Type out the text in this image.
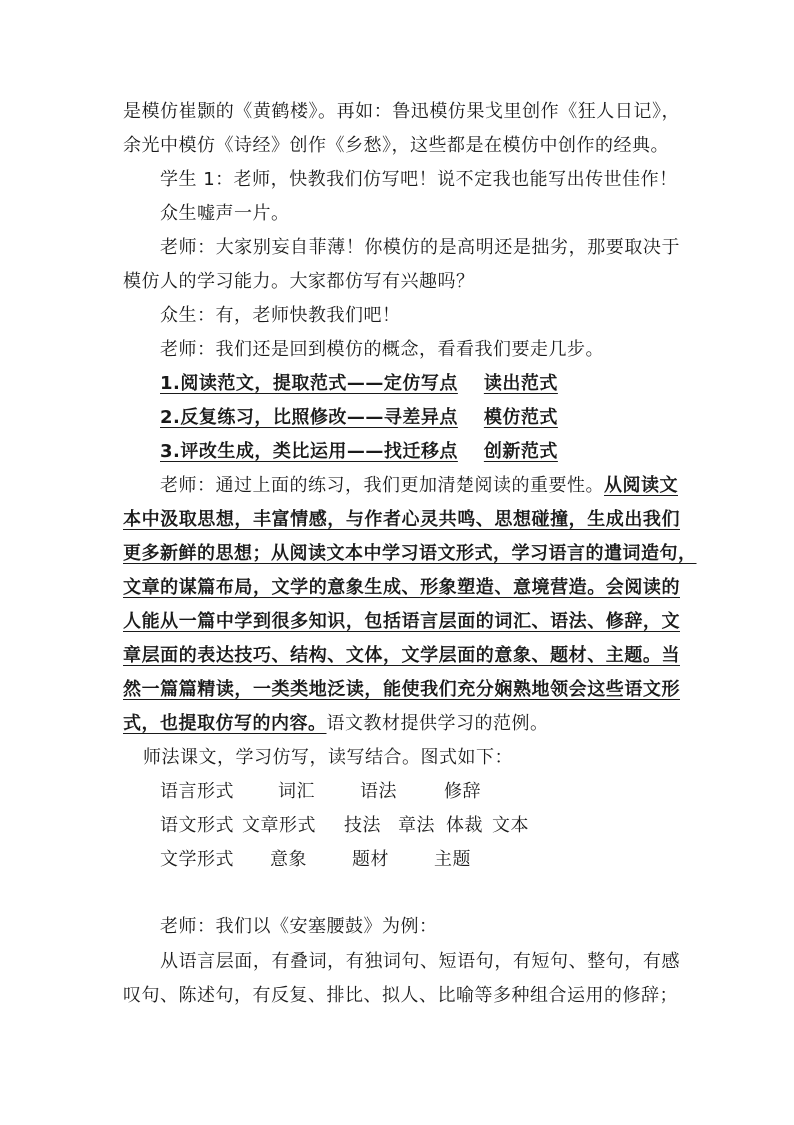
是模仿崔颢的《黄鹤楼》。再如：鲁迅模仿果戈里创作《狂人日记》，
余光中模仿《诗经》创作《乡愁》，这些都是在模仿中创作的经典。
学生 1：老师，快教我们仿写吧！说不定我也能写出传世佳作！
众生嘘声一片。
老师：大家别妄自菲薄！你模仿的是高明还是拙劣，那要取决于
模仿人的学习能力。大家都仿写有兴趣吗？
众生：有，老师快教我们吧！
老师：我们还是回到模仿的概念，看看我们要走几步。
1.阅读范文，提取范式——定仿写点 读出范式
2.反复练习，比照修改——寻差异点 模仿范式
3.评改生成，类比运用——找迁移点 创新范式
老师：通过上面的练习，我们更加清楚阅读的重要性。从阅读文
本中汲取思想，丰富情感，与作者心灵共鸣、思想碰撞，生成出我们
更多新鲜的思想；从阅读文本中学习语文形式，学习语言的遣词造句，
文章的谋篇布局，文学的意象生成、形象塑造、意境营造。会阅读的
人能从一篇中学到很多知识，包括语言层面的词汇、语法、修辞，文
章层面的表达技巧、结构、文体，文学层面的意象、题材、主题。当
然一篇篇精读，一类类地泛读，能使我们充分娴熟地领会这些语文形
式，也提取仿写的内容。语文教材提供学习的范例。
师法课文，学习仿写，读写结合。图式如下：
语言形式 词汇	语法	修辞
语文形式 文章形式 技法 章法 体裁 文本
文学形式 意象	题材	主题
老师：我们以《安塞腰鼓》为例：
从语言层面，有叠词，有独词句、短语句，有短句、整句，有感
叹句、陈述句，有反复、排比、拟人、比喻等多种组合运用的修辞；
